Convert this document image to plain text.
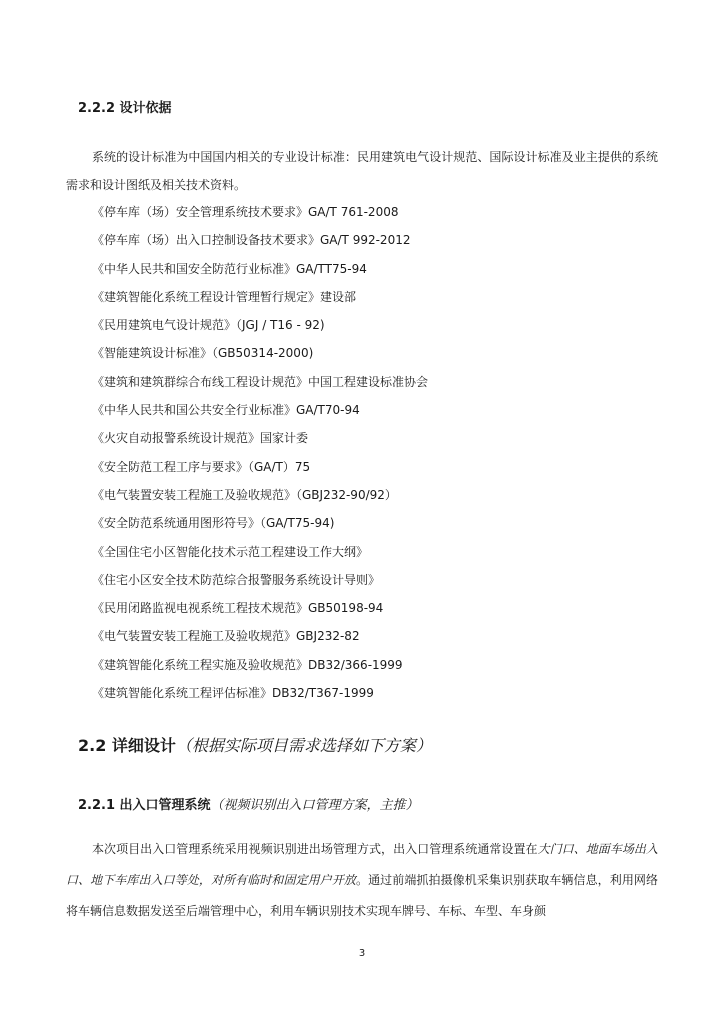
2.2.2 设计依据
系统的设计标准为中国国内相关的专业设计标准：民用建筑电气设计规范、国际设计标准及业主提供的系统需求和设计图纸及相关技术资料。
《停车库（场）安全管理系统技术要求》GA/T 761-2008
《停车库（场）出入口控制设备技术要求》GA/T 992-2012
《中华人民共和国安全防范行业标准》GA/TT75-94
《建筑智能化系统工程设计管理暂行规定》建设部
《民用建筑电气设计规范》（JGJ / T16 - 92)
《智能建筑设计标准》（GB50314-2000)
《建筑和建筑群综合布线工程设计规范》中国工程建设标准协会
《中华人民共和国公共安全行业标准》GA/T70-94
《火灾自动报警系统设计规范》国家计委
《安全防范工程工序与要求》（GA/T）75
《电气装置安装工程施工及验收规范》（GBJ232-90/92）
《安全防范系统通用图形符号》（GA/T75-94)
《全国住宅小区智能化技术示范工程建设工作大纲》
《住宅小区安全技术防范综合报警服务系统设计导则》
《民用闭路监视电视系统工程技术规范》GB50198-94
《电气装置安装工程施工及验收规范》GBJ232-82
《建筑智能化系统工程实施及验收规范》DB32/366-1999
《建筑智能化系统工程评估标准》DB32/T367-1999
2.2 详细设计（根据实际项目需求选择如下方案）
2.2.1 出入口管理系统（视频识别出入口管理方案，主推）
本次项目出入口管理系统采用视频识别进出场管理方式，出入口管理系统通常设置在大门口、地面车场出入口、地下车库出入口等处，对所有临时和固定用户开放。通过前端抓拍摄像机采集识别获取车辆信息，利用网络将车辆信息数据发送至后端管理中心，利用车辆识别技术实现车牌号、车标、车型、车身颜
3
